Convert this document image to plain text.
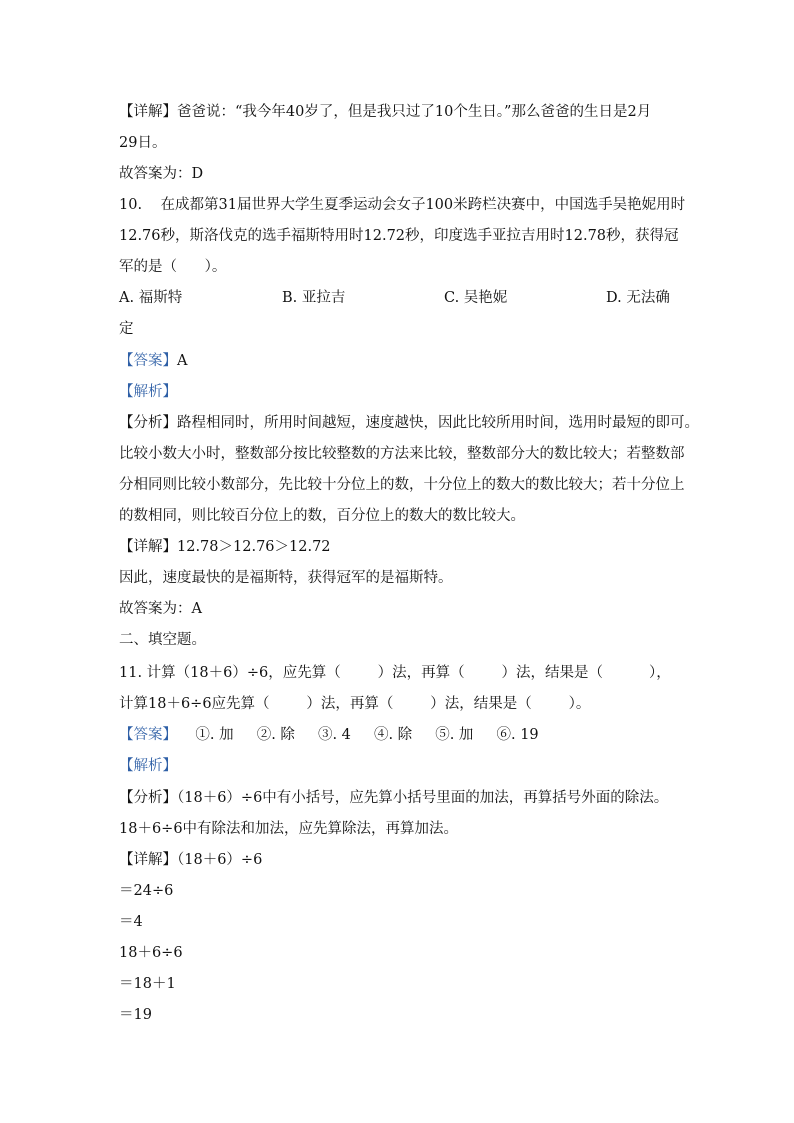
【详解】爸爸说：“我今年40岁了，但是我只过了10个生日。”那么爸爸的生日是2月
29日。
故答案为：D
10.    在成都第31届世界大学生夏季运动会女子100米跨栏决赛中，中国选手吴艳妮用时
12.76秒，斯洛伐克的选手福斯特用时12.72秒，印度选手亚拉吉用时12.78秒，获得冠
军的是（      ）。
A. 福斯特	B. 亚拉吉	C. 吴艳妮	D. 无法确
定
【答案】A
【解析】
【分析】路程相同时，所用时间越短，速度越快，因此比较所用时间，选用时最短的即可。
比较小数大小时，整数部分按比较整数的方法来比较，整数部分大的数比较大；若整数部
分相同则比较小数部分，先比较十分位上的数，十分位上的数大的数比较大；若十分位上
的数相同，则比较百分位上的数，百分位上的数大的数比较大。
【详解】12.78＞12.76＞12.72
因此，速度最快的是福斯特，获得冠军的是福斯特。
故答案为：A
二、填空题。
11. 计算（18＋6）÷6，应先算（        ）法，再算（        ）法，结果是（          ），
计算18＋6÷6应先算（        ）法，再算（        ）法，结果是（        ）。
【答案】    ①. 加     ②. 除     ③. 4     ④. 除     ⑤. 加     ⑥. 19
【解析】
【分析】（18＋6）÷6中有小括号，应先算小括号里面的加法，再算括号外面的除法。
18＋6÷6中有除法和加法，应先算除法，再算加法。
【详解】（18＋6）÷6
＝24÷6
＝4
18＋6÷6
＝18＋1
＝19
